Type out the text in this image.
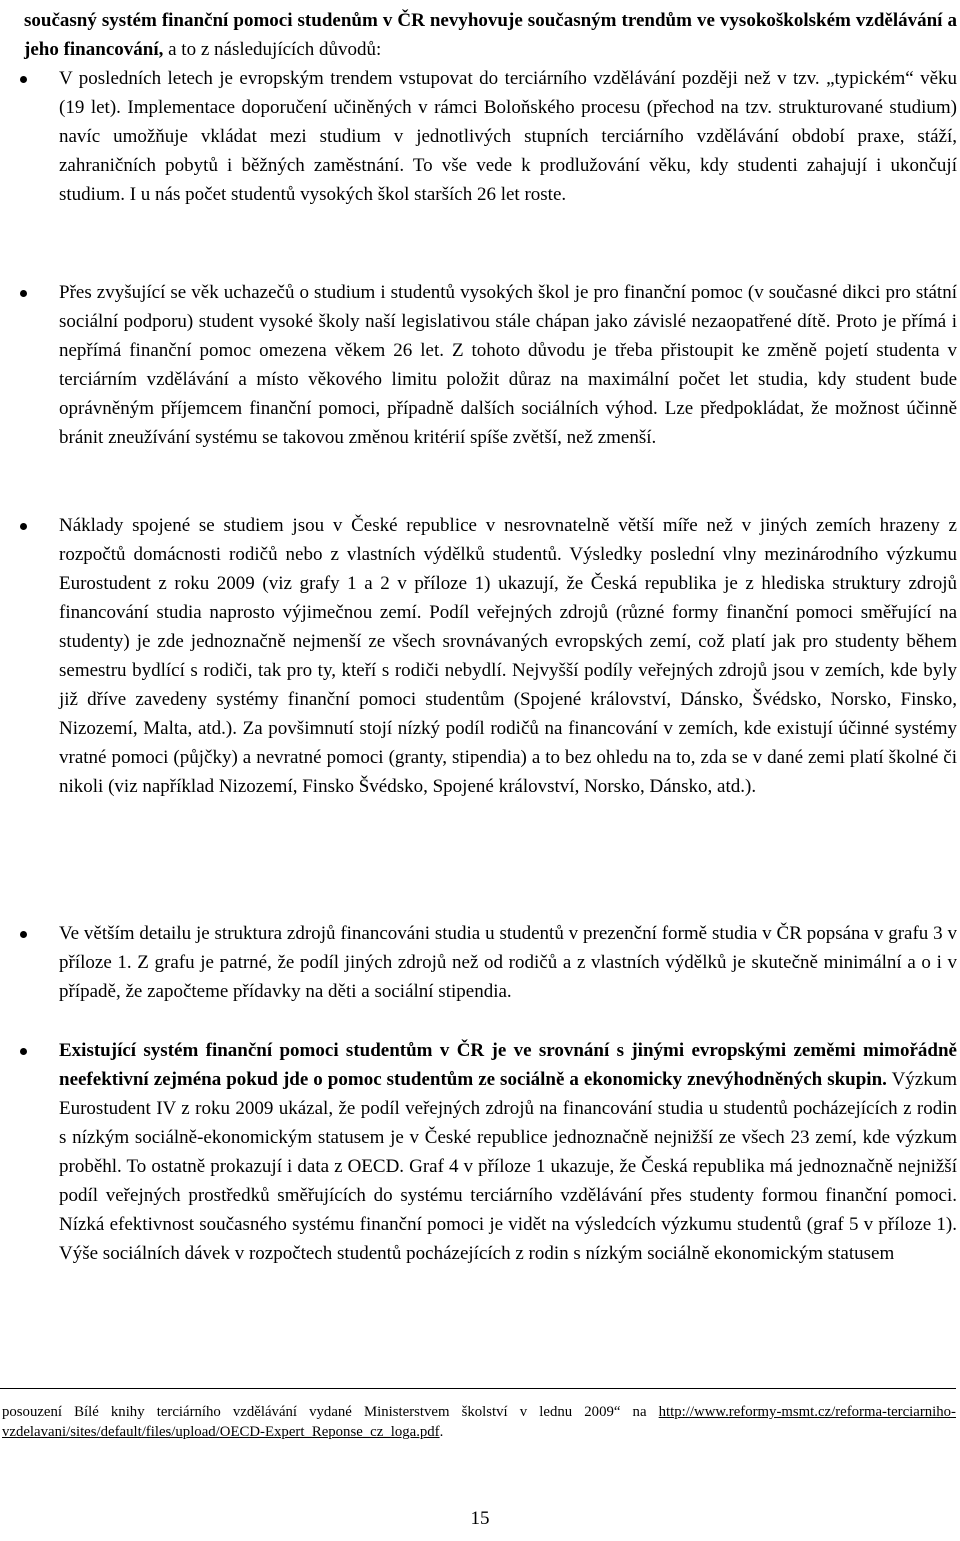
současný systém finanční pomoci studenům v ČR nevyhovuje současným trendům ve vysokoškolském vzdělávání a jeho financování, a to z následujících důvodů:

V posledních letech je evropským trendem vstupovat do terciárního vzdělávání později než v tzv. „typickém“ věku (19 let). Implementace doporučení učiněných v rámci Boloňského procesu (přechod na tzv. strukturované studium) navíc umožňuje vkládat mezi studium v jednotlivých stupních terciárního vzdělávání období praxe, stáží, zahraničních pobytů i běžných zaměstnání. To vše vede k prodlužování věku, kdy studenti zahajují i ukončují studium. I u nás počet studentů vysokých škol starších 26 let roste.

Přes zvyšující se věk uchazečů o studium i studentů vysokých škol je pro finanční pomoc (v současné dikci pro státní sociální podporu) student vysoké školy naší legislativou stále chápan jako závislé nezaopatřené dítě. Proto je přímá i nepřímá finanční pomoc omezena věkem 26 let. Z tohoto důvodu je třeba přistoupit ke změně pojetí studenta v terciárním vzdělávání a místo věkového limitu položit důraz na maximální počet let studia, kdy student bude oprávněným příjemcem finanční pomoci, případně dalších sociálních výhod. Lze předpokládat, že možnost účinně bránit zneužívání systému se takovou změnou kritérií spíše zvětší, než zmenší.

Náklady spojené se studiem jsou v České republice v nesrovnatelně větší míře než v jiných zemích hrazeny z rozpočtů domácnosti rodičů nebo z vlastních výdělků studentů. Výsledky poslední vlny mezinárodního výzkumu Eurostudent z roku 2009 (viz grafy 1 a 2 v příloze 1) ukazují, že Česká republika je z hlediska struktury zdrojů financování studia naprosto výjimečnou zemí. Podíl veřejných zdrojů (různé formy finanční pomoci směřující na studenty) je zde jednoznačně nejmenší ze všech srovnávaných evropských zemí, což platí jak pro studenty během semestru bydlící s rodiči, tak pro ty, kteří s rodiči nebydlí. Nejvyšší podíly veřejných zdrojů jsou v zemích, kde byly již dříve zavedeny systémy finanční pomoci studentům (Spojené království, Dánsko, Švédsko, Norsko, Finsko, Nizozemí, Malta, atd.). Za povšimnutí stojí nízký podíl rodičů na financování v zemích, kde existují účinné systémy vratné pomoci (půjčky) a nevratné pomoci (granty, stipendia) a to bez ohledu na to, zda se v dané zemi platí školné či nikoli (viz například Nizozemí, Finsko Švédsko, Spojené království, Norsko, Dánsko, atd.).

Ve větším detailu je struktura zdrojů financováni studia u studentů v prezenční formě studia v ČR popsána v grafu 3 v příloze 1. Z grafu je patrné, že podíl jiných zdrojů než od rodičů a z vlastních výdělků je skutečně minimální a o i v případě, že započteme přídavky na děti a sociální stipendia.

Existující systém finanční pomoci studentům v ČR je ve srovnání s jinými evropskými zeměmi mimořádně neefektivní zejména pokud jde o pomoc studentům ze sociálně a ekonomicky znevýhodněných skupin. Výzkum Eurostudent IV z roku 2009 ukázal, že podíl veřejných zdrojů na financování studia u studentů pocházejících z rodin s nízkým sociálně-ekonomickým statusem je v České republice jednoznačně nejnižší ze všech 23 zemí, kde výzkum proběhl. To ostatně prokazují i data z OECD. Graf 4 v příloze 1 ukazuje, že Česká republika má jednoznačně nejnižší podíl veřejných prostředků směřujících do systému terciárního vzdělávání přes studenty formou finanční pomoci. Nízká efektivnost současného systému finanční pomoci je vidět na výsledcích výzkumu studentů (graf 5 v příloze 1). Výše sociálních dávek v rozpočtech studentů pocházejících z rodin s nízkým sociálně ekonomickým statusem

posouzení Bílé knihy terciárního vzdělávání vydané Ministerstvem školství v lednu 2009“ na http://www.reformy-msmt.cz/reforma-terciarniho-vzdelavani/sites/default/files/upload/OECD-Expert_Reponse_cz_loga.pdf.

15
